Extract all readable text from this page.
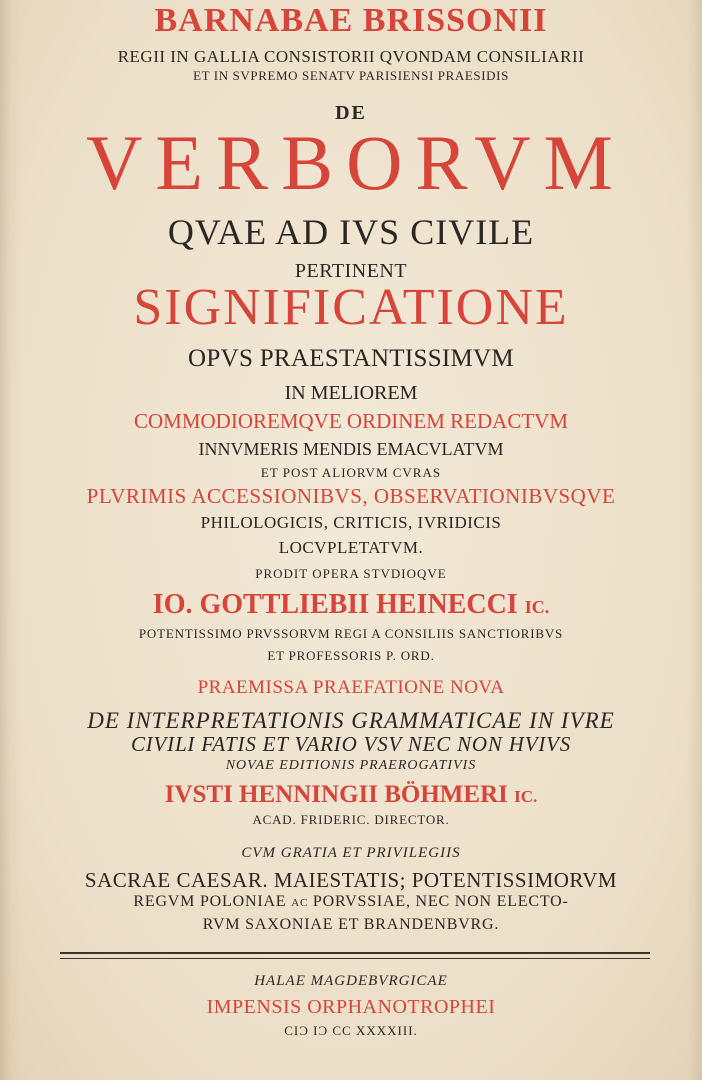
BARNABAE BRISSONII
REGII IN GALLIA CONSISTORII QVONDAM CONSILIARII
ET IN SVPREMO SENATV PARISIENSI PRAESIDIS
DE
VERBORVM
QVAE AD IVS CIVILE
PERTINENT
SIGNIFICATIONE
OPVS PRAESTANTISSIMVM
IN MELIOREM
COMMODIOREMQVE ORDINEM REDACTVM
INNVMERIS MENDIS EMACVLATVM
ET POST ALIORVM CVRAS
PLVRIMIS ACCESSIONIBVS, OBSERVATIONIBVSQVE
PHILOLOGICIS, CRITICIS, IVRIDICIS
LOCVPLETATVM.
PRODIT OPERA STVDIOQVE
IO. GOTTLIEBII HEINECCI IC.
POTENTISSIMO PRVSSORVM REGI A CONSILIIS SANCTIORIBVS
ET PROFESSORIS P. ORD.
PRAEMISSA PRAEFATIONE NOVA
DE INTERPRETATIONIS GRAMMATICAE IN IVRE
CIVILI FATIS ET VARIO VSV NEC NON HVIVS
NOVAE EDITIONIS PRAEROGATIVIS
IVSTI HENNINGII BÖHMERI IC.
ACAD. FRIDERIC. DIRECTOR.
CVM GRATIA ET PRIVILEGIIS
SACRAE CAESAR. MAIESTATIS; POTENTISSIMORVM
REGVM POLONIAE AC PORVSSIAE, NEC NON ELECTO-
RVM SAXONIAE ET BRANDENBVRG.
HALAE MAGDEBVRGICAE
IMPENSIS ORPHANOTROPHEI
CIƆ IƆ CC XXXXIII.
